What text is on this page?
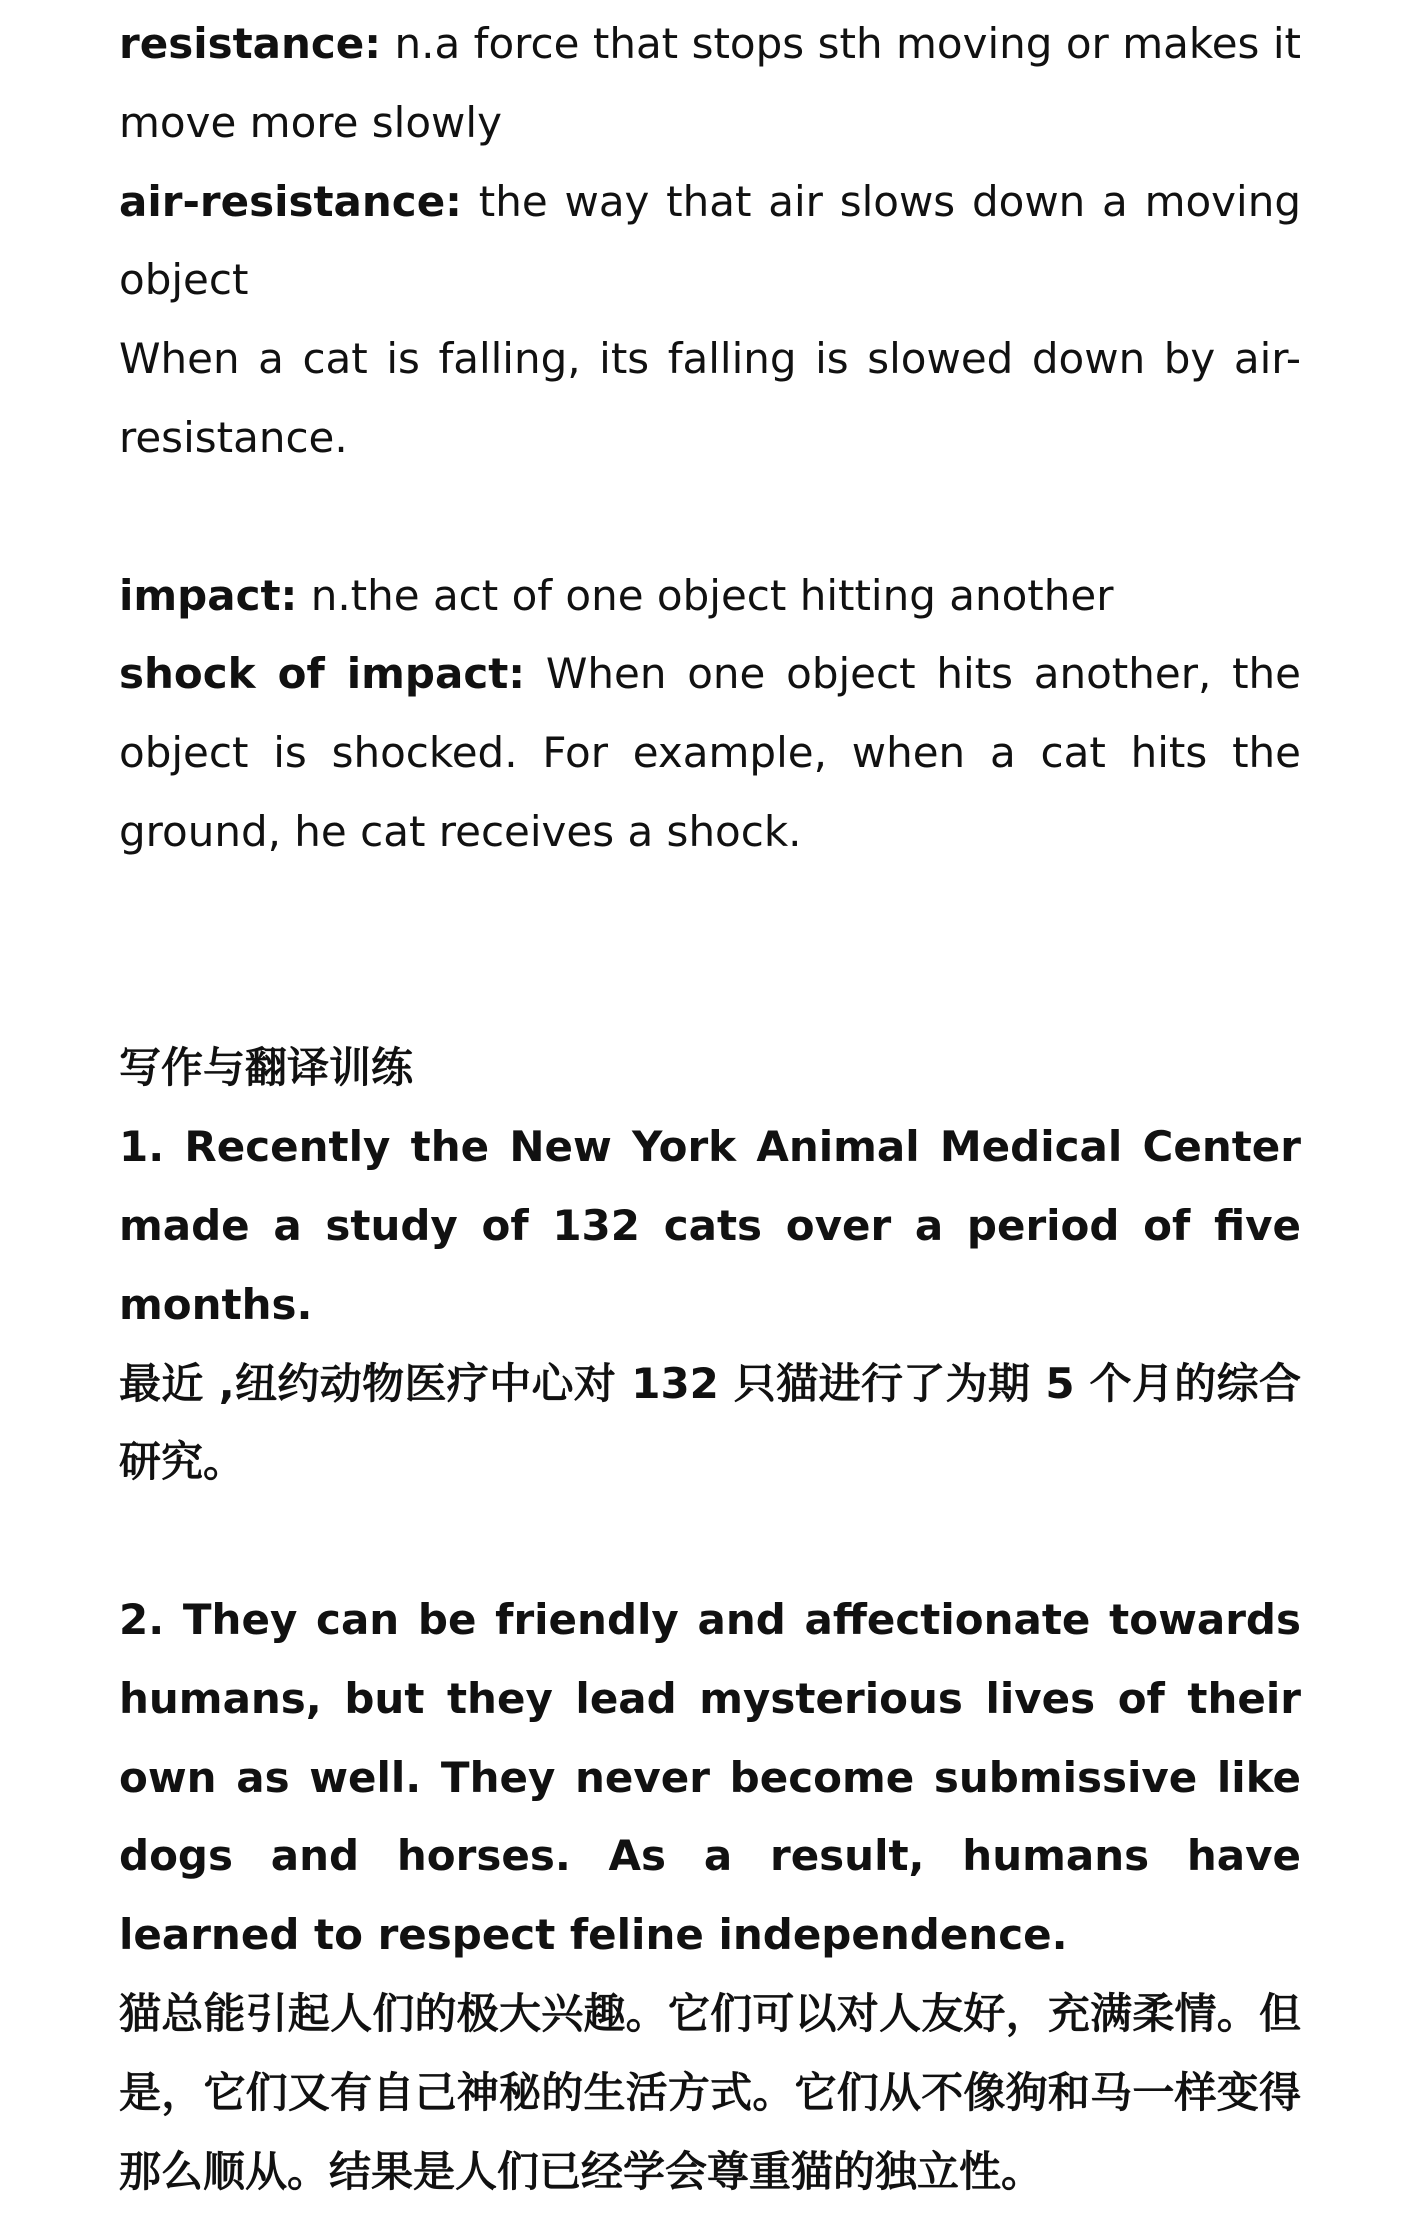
resistance: n.a force that stops sth moving or makes it move more slowly

air-resistance: the way that air slows down a moving object

When a cat is falling, its falling is slowed down by air-resistance.

impact: n.the act of one object hitting another

shock of impact: When one object hits another, the object is shocked. For example, when a cat hits the ground, he cat receives a shock.

写作与翻译训练

1. Recently the New York Animal Medical Center made a study of 132 cats over a period of five months.

最近 ,纽约动物医疗中心对 132 只猫进行了为期 5 个月的综合研究。

2. They can be friendly and affectionate towards humans, but they lead mysterious lives of their own as well. They never become submissive like dogs and horses. As a result, humans have learned to respect feline independence.

猫总能引起人们的极大兴趣。它们可以对人友好，充满柔情。但是，它们又有自己神秘的生活方式。它们从不像狗和马一样变得那么顺从。结果是人们已经学会尊重猫的独立性。
